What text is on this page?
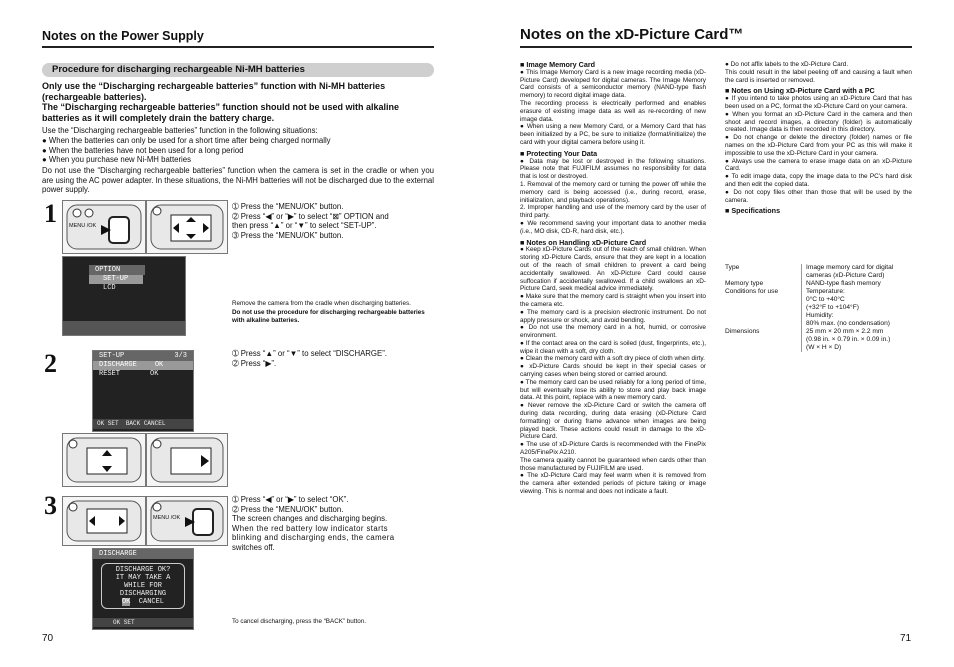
Notes on the Power Supply
Procedure for discharging rechargeable Ni-MH batteries
Only use the “Discharging rechargeable batteries” function with Ni-MH batteries (rechargeable batteries).
The “Discharging rechargeable batteries” function should not be used with alkaline batteries as it will completely drain the battery charge.
Use the “Discharging rechargeable batteries” function in the following situations:
● When the batteries can only be used for a short time after being charged normally
● When the batteries have not been used for a long period
● When you purchase new Ni-MH batteries
Do not use the “Discharging rechargeable batteries” function when the camera is set in the cradle or when you are using the AC power adapter. In these situations, the Ni-MH batteries will not be discharged due to the external power supply.
1 MENU /OK
OPTION
SET-UP
LCD
➀ Press the “MENU/OK” button.
➁ Press “◀” or “▶” to select “⊠” OPTION and
then press “▲” or “▼” to select “SET-UP”.
➂ Press the “MENU/OK” button.
Remove the camera from the cradle when discharging batteries.
Do not use the procedure for discharging rechargeable batteries with alkaline batteries.
2	SET-UP	3/3
DISCHARGE	OK
RESET	OK
OK SET BACK CANCEL
➀ Press “▲” or “▼” to select “DISCHARGE”.
➁ Press “▶”.
3	MENU /OK
DISCHARGE
DISCHARGE OK?
IT MAY TAKE A
WHILE FOR
DISCHARGING
OK CANCEL
OK SET
➀ Press “◀” or “▶” to select “OK”.
➁ Press the “MENU/OK” button.
The screen changes and discharging begins.
When the red battery low indicator starts
blinking and discharging ends, the camera
switches off.
To cancel discharging, press the “BACK” button.
70
Notes on the xD-Picture Card™
■ Image Memory Card
● This Image Memory Card is a new image recording media (xD-Picture Card) developed for digital cameras. The Image Memory Card consists of a semiconductor memory (NAND-type flash memory) to record digital image data.
The recording process is electrically performed and enables erasure of existing image data as well as re-recording of new image data.
● When using a new Memory Card, or a Memory Card that has been initialized by a PC, be sure to initialize (format/initialize) the card with your digital camera before using it.
■ Protecting Your Data
● Data may be lost or destroyed in the following situations. Please note that FUJIFILM assumes no responsibility for data that is lost or destroyed.
1. Removal of the memory card or turning the power off while the memory card is being accessed (i.e., during record, erase, initialization, and playback operations).
2. Improper handling and use of the memory card by the user of third party.
● We recommend saving your important data to another media (i.e., MO disk, CD-R, hard disk, etc.).
■ Notes on Handling xD-Picture Card
● Keep xD-Picture Cards out of the reach of small children. When storing xD-Picture Cards, ensure that they are kept in a location out of the reach of small children to prevent a card being accidentally swallowed. An xD-Picture Card could cause suffocation if accidentally swallowed. If a child swallows an xD-Picture Card, seek medical advice immediately.
● Make sure that the memory card is straight when you insert into the camera etc.
● The memory card is a precision electronic instrument. Do not apply pressure or shock, and avoid bending.
● Do not use the memory card in a hot, humid, or corrosive environment.
● If the contact area on the card is soiled (dust, fingerprints, etc.), wipe it clean with a soft, dry cloth.
● Clean the memory card with a soft dry piece of cloth when dirty.
● xD-Picture Cards should be kept in their special cases or carrying cases when being stored or carried around.
● The memory card can be used reliably for a long period of time, but will eventually lose its ability to store and play back image data. At this point, replace with a new memory card.
● Never remove the xD-Picture Card or switch the camera off during data recording, during data erasing (xD-Picture Card formatting) or during frame advance when images are being played back. These actions could result in damage to the xD-Picture Card.
● The use of xD-Picture Cards is recommended with the FinePix A205/FinePix A210.
The camera quality cannot be guaranteed when cards other than those manufactured by FUJIFILM are used.
● The xD-Picture Card may feel warm when it is removed from the camera after extended periods of picture taking or image viewing. This is normal and does not indicate a fault.
● Do not affix labels to the xD-Picture Card.
This could result in the label peeling off and causing a fault when the card is inserted or removed.
■ Notes on Using xD-Picture Card with a PC
● If you intend to take photos using an xD-Picture Card that has been used on a PC, format the xD-Picture Card on your camera.
● When you format an xD-Picture Card in the camera and then shoot and record images, a directory (folder) is automatically created. Image data is then recorded in this directory.
● Do not change or delete the directory (folder) names or file names on the xD-Picture Card from your PC as this will make it impossible to use the xD-Picture Card in your camera.
● Always use the camera to erase image data on an xD-Picture Card.
● To edit image data, copy the image data to the PC's hard disk and then edit the copied data.
● Do not copy files other than those that will be used by the camera.
■ Specifications
Type	Image memory card for digital
cameras (xD-Picture Card)
Memory type	NAND-type flash memory
Conditions for use	Temperature:
0°C to +40°C
(+32°F to +104°F)
Humidity:
80% max. (no condensation)
Dimensions	25 mm × 20 mm × 2.2 mm
(0.98 in. × 0.79 in. × 0.09 in.)
(W × H × D)
71
